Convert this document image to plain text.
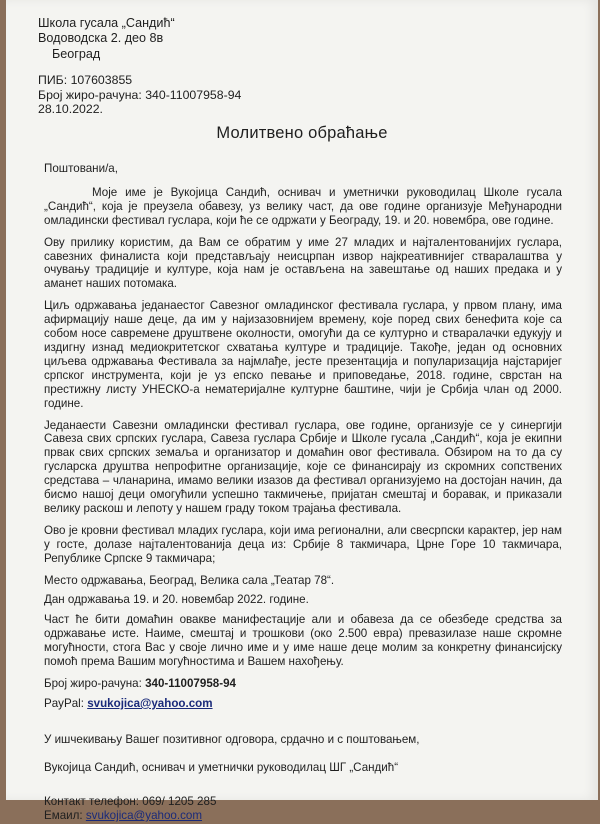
Школа гусала „Сандић“
Водоводска 2. део 8в
Београд
ПИБ: 107603855
Број жиро-рачуна: 340-11007958-94
28.10.2022.
Молитвено обраћање
Поштовани/а,

Моје име је Вукојица Сандић, оснивач и уметнички руководилац Школе гусала „Сандић“, која је преузела обавезу, уз велику част, да ове године организује Међународни омладински фестивал гуслара, који ће се одржати у Београду, 19. и 20. новембра, ове године.

Ову прилику користим, да Вам се обратим у име 27 младих и најталентованијих гуслара, савезних финалиста који представљају неисцрпан извор најкреативнијег стваралаштва у очувању традиције и културе, која нам је остављена на завештање од наших предака и у аманет наших потомака.

Циљ одржавања једанаестог Савезног омладинског фестивала гуслара, у првом плану, има афирмацију наше деце, да им у најизазовнијем времену, које поред свих бенефита које са собом носе савремене друштвене околности, омогући да се културно и стваралачки едукују и издигну изнад медиокритетског схватања културе и традиције. Такође, један од основних циљева одржавања Фестивала за најмлађе, јесте презентација и популаризација најстаријег српског инструмента, који је уз епско певање и приповедање, 2018. године, сврстан на престижну листу УНЕСКО-а нематеријалне културне баштине, чији је Србија члан од 2000. године.

Једанаести Савезни омладински фестивал гуслара, ове године, организује се у синергији Савеза свих српских гуслара, Савеза гуслара Србије и Школе гусала „Сандић“, која је екипни првак свих српских земаља и организатор и домаћин овог фестивала. Обзиром на то да су гусларска друштва непрофитне организације, које се финансирају из скромних сопствених средстава – чланарина, имамо велики изазов да фестивал организујемо на достојан начин, да бисмо нашој деци омогућили успешно такмичење, пријатан смештај и боравак, и приказали велику раскош и лепоту у нашем граду током трајања фестивала.

Ово је кровни фестивал младих гуслара, који има регионални, али свесрпски карактер, јер нам у госте, долазе најталентованија деца из: Србије 8 такмичара, Црне Горе 10 такмичара, Републике Српске 9 такмичара;

Место одржавања, Београд, Велика сала „Театар 78“.
Дан одржавања 19. и 20. новембар 2022. године.

Част ће бити домаћин овакве манифестације али и обавеза да се обезбеде средства за одржавање исте. Наиме, смештај и трошкови (око 2.500 евра) превазилазе наше скромне могућности, стога Вас у своје лично име и у име наше деце молим за конкретну финансијску помоћ према Вашим могућностима и Вашем нахођењу.

Број жиро-рачуна: 340-11007958-94
PayPal: svukojica@yahoo.com
У ишчекивању Вашег позитивног одговора, срдачно и с поштовањем,
Вукојица Сандић, оснивач и уметнички руководилац ШГ „Сандић“
Контакт телефон: 069/ 1205 285
Емаил: svukojica@yahoo.com
